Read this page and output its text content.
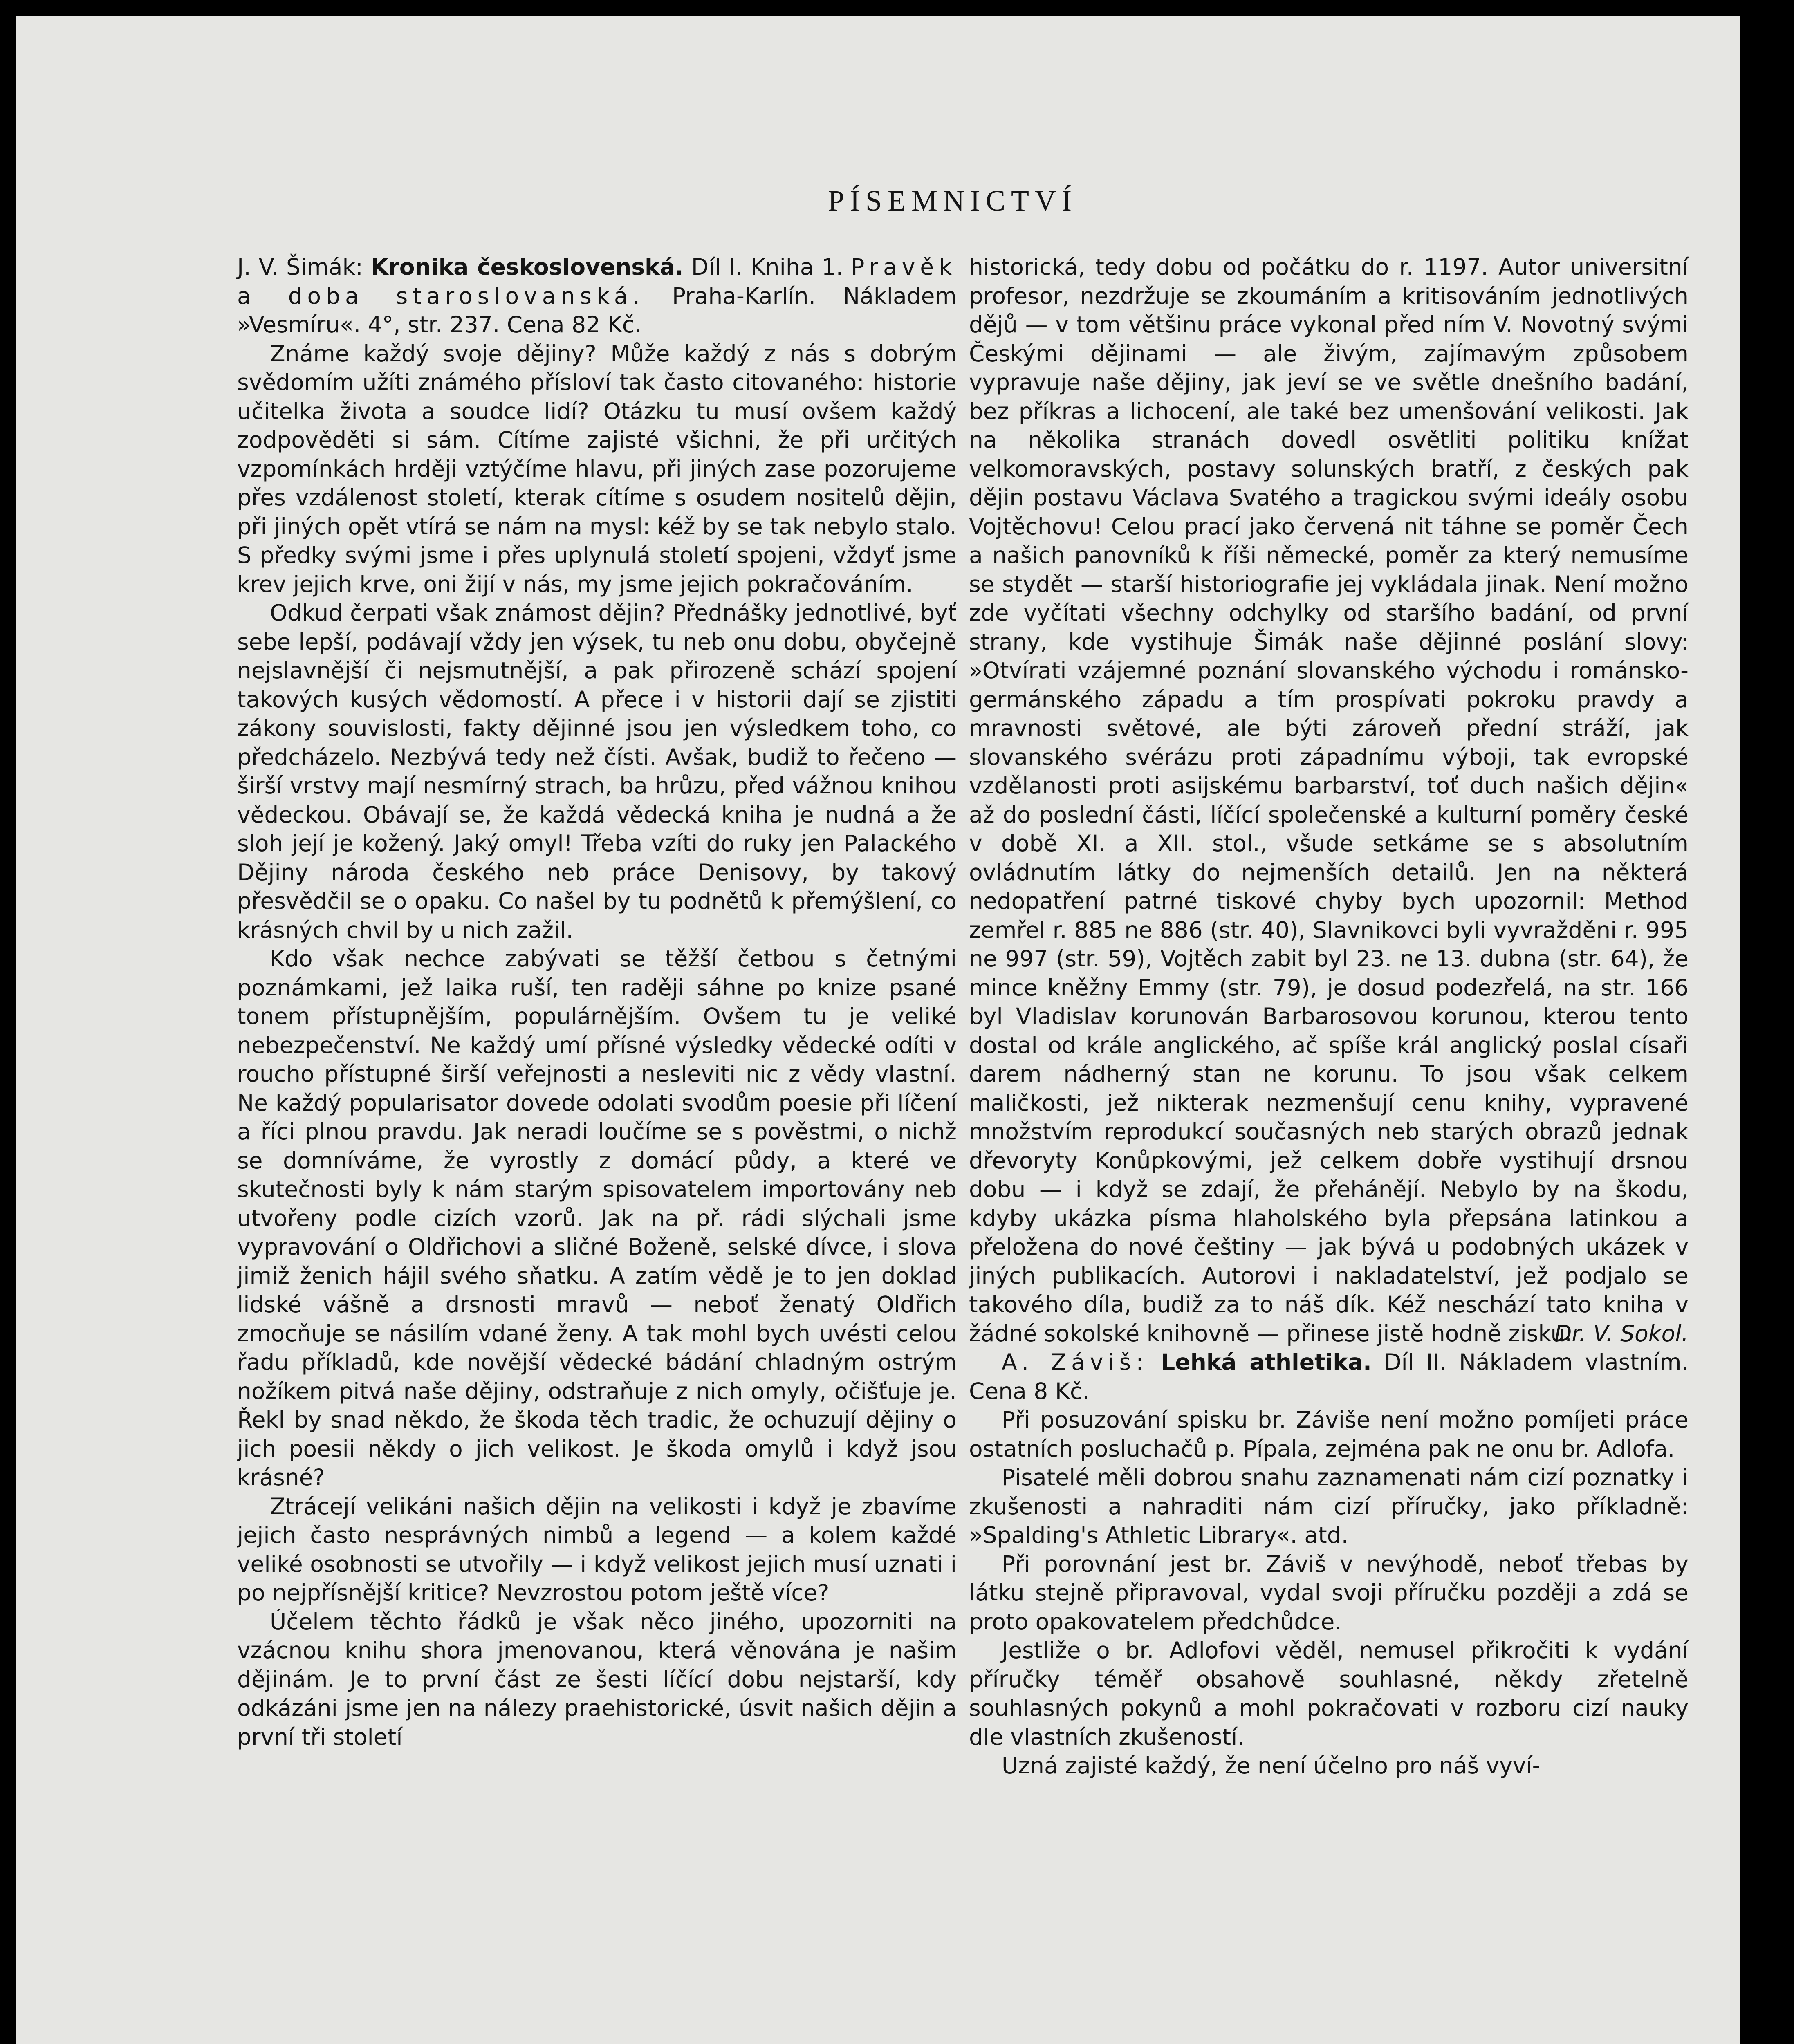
PÍSEMNICTVÍ

J. V. Šimák: Kronika československá. Díl I. Kniha 1. Pravěk a doba staroslovanská. Praha-Karlín. Nákladem »Vesmíru«. 4°, str. 237. Cena 82 Kč.

Známe každý svoje dějiny? Může každý z nás s dobrým svědomím užíti známého přísloví tak často citovaného: historie učitelka života a soudce lidí? Otázku tu musí ovšem každý zodpověděti si sám. Cítíme zajisté všichni, že při určitých vzpomínkách hrději vztýčíme hlavu, při jiných zase pozorujeme přes vzdálenost století, kterak cítíme s osudem nositelů dějin, při jiných opět vtírá se nám na mysl: kéž by se tak nebylo stalo. S předky svými jsme i přes uplynulá století spojeni, vždyť jsme krev jejich krve, oni žijí v nás, my jsme jejich pokračováním.

Odkud čerpati však známost dějin? Přednášky jednotlivé, byť sebe lepší, podávají vždy jen výsek, tu neb onu dobu, obyčejně nejslavnější či nejsmutnější, a pak přirozeně schází spojení takových kusých vědomostí. A přece i v historii dají se zjistiti zákony souvislosti, fakty dějinné jsou jen výsledkem toho, co předcházelo. Nezbývá tedy než čísti. Avšak, budiž to řečeno — širší vrstvy mají nesmírný strach, ba hrůzu, před vážnou knihou vědeckou. Obávají se, že každá vědecká kniha je nudná a že sloh její je kožený. Jaký omyl! Třeba vzíti do ruky jen Palackého Dějiny národa českého neb práce Denisovy, by takový přesvědčil se o opaku. Co našel by tu podnětů k přemýšlení, co krásných chvil by u nich zažil.

Kdo však nechce zabývati se těžší četbou s četnými poznámkami, jež laika ruší, ten raději sáhne po knize psané tonem přístupnějším, populárnějším. Ovšem tu je veliké nebezpečenství. Ne každý umí přísné výsledky vědecké odíti v roucho přístupné širší veřejnosti a nesleviti nic z vědy vlastní. Ne každý popularisator dovede odolati svodům poesie při líčení a říci plnou pravdu. Jak neradi loučíme se s pověstmi, o nichž se domníváme, že vyrostly z domácí půdy, a které ve skutečnosti byly k nám starým spisovatelem importovány neb utvořeny podle cizích vzorů. Jak na př. rádi slýchali jsme vypravování o Oldřichovi a sličné Boženě, selské dívce, i slova jimiž ženich hájil svého sňatku. A zatím vědě je to jen doklad lidské vášně a drsnosti mravů — neboť ženatý Oldřich zmocňuje se násilím vdané ženy. A tak mohl bych uvésti celou řadu příkladů, kde novější vědecké bádání chladným ostrým nožíkem pitvá naše dějiny, odstraňuje z nich omyly, očišťuje je. Řekl by snad někdo, že škoda těch tradic, že ochuzují dějiny o jich poesii někdy o jich velikost. Je škoda omylů i když jsou krásné?

Ztrácejí velikáni našich dějin na velikosti i když je zbavíme jejich často nesprávných nimbů a legend — a kolem každé veliké osobnosti se utvořily — i když velikost jejich musí uznati i po nejpřísnější kritice? Nevzrostou potom ještě více?

Účelem těchto řádků je však něco jiného, upozorniti na vzácnou knihu shora jmenovanou, která věnována je našim dějinám. Je to první část ze šesti líčící dobu nejstarší, kdy odkázáni jsme jen na nálezy praehistorické, úsvit našich dějin a první tři století

historická, tedy dobu od počátku do r. 1197. Autor universitní profesor, nezdržuje se zkoumáním a kritisováním jednotlivých dějů — v tom většinu práce vykonal před ním V. Novotný svými Českými dějinami — ale živým, zajímavým způsobem vypravuje naše dějiny, jak jeví se ve světle dnešního badání, bez příkras a lichocení, ale také bez umenšování velikosti. Jak na několika stranách dovedl osvětliti politiku knížat velkomoravských, postavy solunských bratří, z českých pak dějin postavu Václava Svatého a tragickou svými ideály osobu Vojtěchovu! Celou prací jako červená nit táhne se poměr Čech a našich panovníků k říši německé, poměr za který nemusíme se stydět — starší historiografie jej vykládala jinak. Není možno zde vyčítati všechny odchylky od staršího badání, od první strany, kde vystihuje Šimák naše dějinné poslání slovy: »Otvírati vzájemné poznání slovanského východu i románsko-germánského západu a tím prospívati pokroku pravdy a mravnosti světové, ale býti zároveň přední stráží, jak slovanského svérázu proti západnímu výboji, tak evropské vzdělanosti proti asijskému barbarství, toť duch našich dějin« až do poslední části, líčící společenské a kulturní poměry české v době XI. a XII. stol., všude setkáme se s absolutním ovládnutím látky do nejmenších detailů. Jen na některá nedopatření patrné tiskové chyby bych upozornil: Method zemřel r. 885 ne 886 (str. 40), Slavnikovci byli vyvražděni r. 995 ne 997 (str. 59), Vojtěch zabit byl 23. ne 13. dubna (str. 64), že mince kněžny Emmy (str. 79), je dosud podezřelá, na str. 166 byl Vladislav korunován Barbarosovou korunou, kterou tento dostal od krále anglického, ač spíše král anglický poslal císaři darem nádherný stan ne korunu. To jsou však celkem maličkosti, jež nikterak nezmenšují cenu knihy, vypravené množstvím reprodukcí současných neb starých obrazů jednak dřevoryty Konůpkovými, jež celkem dobře vystihují drsnou dobu — i když se zdají, že přehánějí. Nebylo by na škodu, kdyby ukázka písma hlaholského byla přepsána latinkou a přeložena do nové češtiny — jak bývá u podobných ukázek v jiných publikacích. Autorovi i nakladatelství, jež podjalo se takového díla, budiž za to náš dík. Kéž neschází tato kniha v žádné sokolské knihovně — přinese jistě hodně zisku.

Dr. V. Sokol.

A. Záviš: Lehká athletika. Díl II. Nákladem vlastním. Cena 8 Kč.

Při posuzování spisku br. Záviše není možno pomíjeti práce ostatních posluchačů p. Pípala, zejména pak ne onu br. Adlofa.

Pisatelé měli dobrou snahu zaznamenati nám cizí poznatky i zkušenosti a nahraditi nám cizí příručky, jako příkladně: »Spalding's Athletic Library«. atd.

Při porovnání jest br. Záviš v nevýhodě, neboť třebas by látku stejně připravoval, vydal svoji příručku později a zdá se proto opakovatelem předchůdce.

Jestliže o br. Adlofovi věděl, nemusel přikročiti k vydání příručky téměř obsahově souhlasné, někdy zřetelně souhlasných pokynů a mohl pokračovati v rozboru cizí nauky dle vlastních zkušeností.

Uzná zajisté každý, že není účelno pro náš vyví-
